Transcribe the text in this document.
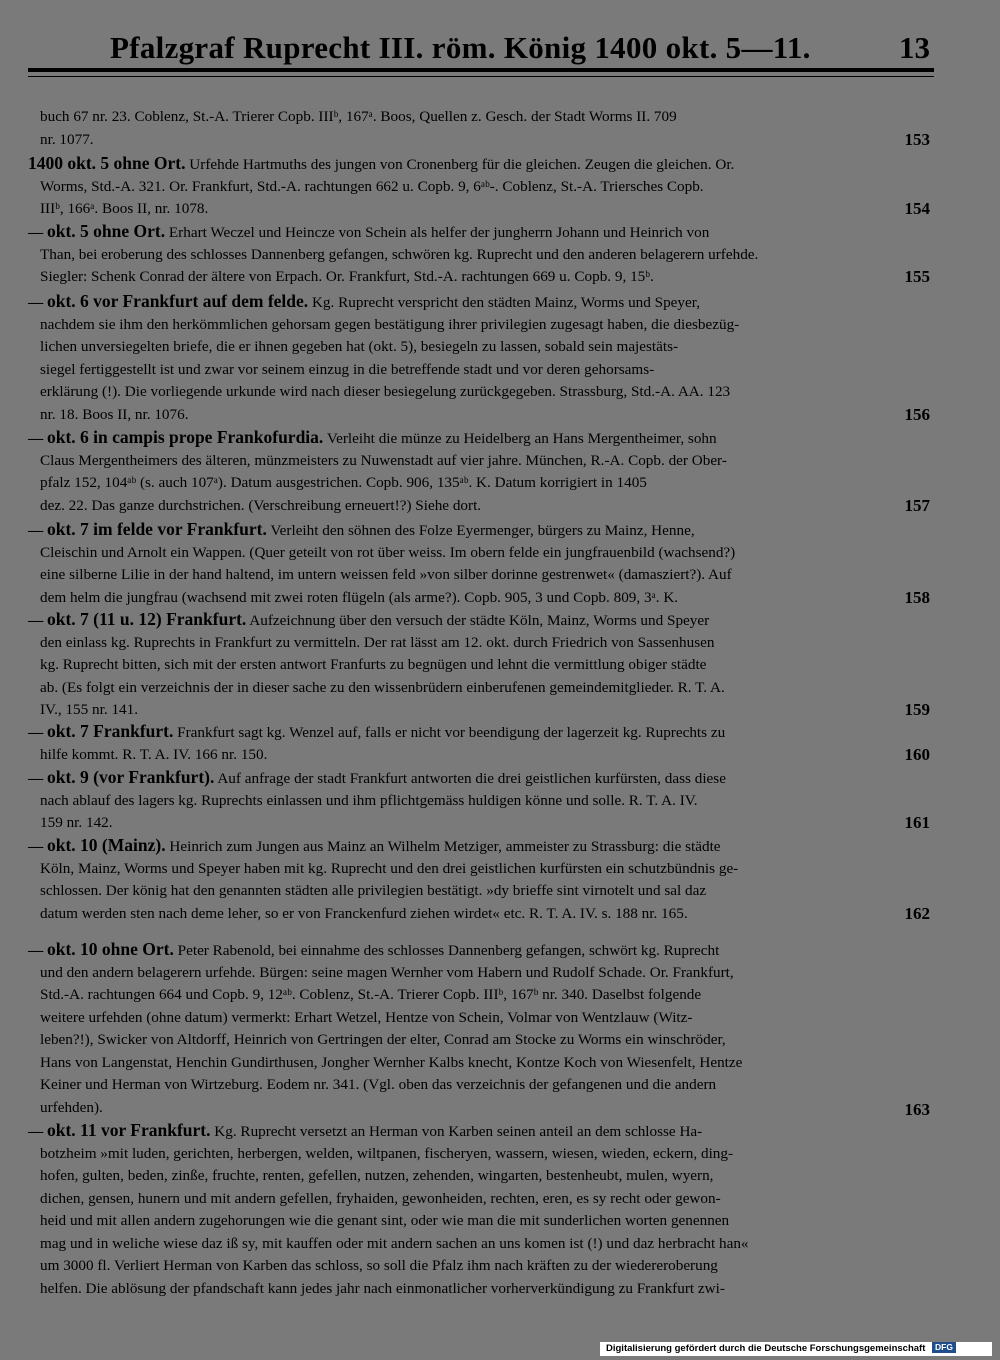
Pfalzgraf Ruprecht III. röm. König 1400 okt. 5—11.	13
buch 67 nr. 23. Coblenz, St.-A. Trierer Copb. IIIᵇ, 167ᵃ. Boos, Quellen z. Gesch. der Stadt Worms II. 709
nr. 1077.	153
1400 okt. 5 ohne Ort. Urfehde Hartmuths des jungen von Cronenberg für die gleichen. Zeugen die gleichen. Or.
Worms, Std.-A. 321. Or. Frankfurt, Std.-A. rachtungen 662 u. Copb. 9, 6ᵃᵇ-. Coblenz, St.-A. Triersches Copb.
IIIᵇ, 166ᵃ. Boos II, nr. 1078.	154
— okt. 5 ohne Ort. Erhart Weczel und Heincze von Schein als helfer der jungherrn Johann und Heinrich von
Than, bei eroberung des schlosses Dannenberg gefangen, schwören kg. Ruprecht und den anderen belagerern urfehde.
Siegler: Schenk Conrad der ältere von Erpach. Or. Frankfurt, Std.-A. rachtungen 669 u. Copb. 9, 15ᵇ.	155
— okt. 6 vor Frankfurt auf dem felde. Kg. Ruprecht verspricht den städten Mainz, Worms und Speyer,
nachdem sie ihm den herkömmlichen gehorsam gegen bestätigung ihrer privilegien zugesagt haben, die diesbezüg-
lichen unversiegelten briefe, die er ihnen gegeben hat (okt. 5), besiegeln zu lassen, sobald sein majestäts-
siegel fertiggestellt ist und zwar vor seinem einzug in die betreffende stadt und vor deren gehorsams-
erklärung (!). Die vorliegende urkunde wird nach dieser besiegelung zurückgegeben. Strassburg, Std.-A. AA. 123
nr. 18. Boos II, nr. 1076.	156
— okt. 6 in campis prope Frankofurdia. Verleiht die münze zu Heidelberg an Hans Mergentheimer, sohn
Claus Mergentheimers des älteren, münzmeisters zu Nuwenstadt auf vier jahre. München, R.-A. Copb. der Ober-
pfalz 152, 104ᵃᵇ (s. auch 107ᵃ). Datum ausgestrichen. Copb. 906, 135ᵃᵇ. K. Datum korrigiert in 1405
dez. 22. Das ganze durchstrichen. (Verschreibung erneuert!?) Siehe dort.	157
— okt. 7 im felde vor Frankfurt. Verleiht den söhnen des Folze Eyermenger, bürgers zu Mainz, Henne,
Cleischin und Arnolt ein Wappen. (Quer geteilt von rot über weiss. Im obern felde ein jungfrauenbild (wachsend?)
eine silberne Lilie in der hand haltend, im untern weissen feld »von silber dorinne gestrenwet« (damasziert?). Auf
dem helm die jungfrau (wachsend mit zwei roten flügeln (als arme?). Copb. 905, 3 und Copb. 809, 3ᵃ. K.	158
— okt. 7 (11 u. 12) Frankfurt. Aufzeichnung über den versuch der städte Köln, Mainz, Worms und Speyer
den einlass kg. Ruprechts in Frankfurt zu vermitteln. Der rat lässt am 12. okt. durch Friedrich von Sassenhusen
kg. Ruprecht bitten, sich mit der ersten antwort Franfurts zu begnügen und lehnt die vermittlung obiger städte
ab. (Es folgt ein verzeichnis der in dieser sache zu den wissenbrüdern einberufenen gemeindemitglieder. R. T. A.
IV., 155 nr. 141.	159
— okt. 7 Frankfurt. Frankfurt sagt kg. Wenzel auf, falls er nicht vor beendigung der lagerzeit kg. Ruprechts zu
hilfe kommt. R. T. A. IV. 166 nr. 150.	160
— okt. 9 (vor Frankfurt). Auf anfrage der stadt Frankfurt antworten die drei geistlichen kurfürsten, dass diese
nach ablauf des lagers kg. Ruprechts einlassen und ihm pflichtgemäss huldigen könne und solle. R. T. A. IV.
159 nr. 142.	161
— okt. 10 (Mainz). Heinrich zum Jungen aus Mainz an Wilhelm Metziger, ammeister zu Strassburg: die städte
Köln, Mainz, Worms und Speyer haben mit kg. Ruprecht und den drei geistlichen kurfürsten ein schutzbündnis ge-
schlossen. Der könig hat den genannten städten alle privilegien bestätigt. »dy brieffe sint virnotelt und sal daz
datum werden sten nach deme leher, so er von Franckenfurd ziehen wirdet« etc. R. T. A. IV. s. 188 nr. 165.	162
— okt. 10 ohne Ort. Peter Rabenold, bei einnahme des schlosses Dannenberg gefangen, schwört kg. Ruprecht
und den andern belagerern urfehde. Bürgen: seine magen Wernher vom Habern und Rudolf Schade. Or. Frankfurt,
Std.-A. rachtungen 664 und Copb. 9, 12ᵃᵇ. Coblenz, St.-A. Trierer Copb. IIIᵇ, 167ᵇ nr. 340. Daselbst folgende
weitere urfehden (ohne datum) vermerkt: Erhart Wetzel, Hentze von Schein, Volmar von Wentzlauw (Witz-
leben?!), Swicker von Altdorff, Heinrich von Gertringen der elter, Conrad am Stocke zu Worms ein winschröder,
Hans von Langenstat, Henchin Gundirthusen, Jongher Wernher Kalbs knecht, Kontze Koch von Wiesenfelt, Hentze
Keiner und Herman von Wirtzeburg. Eodem nr. 341. (Vgl. oben das verzeichnis der gefangenen und die andern
urfehden).	163
— okt. 11 vor Frankfurt. Kg. Ruprecht versetzt an Herman von Karben seinen anteil an dem schlosse Ha-
botzheim »mit luden, gerichten, herbergen, welden, wiltpanen, fischeryen, wassern, wiesen, wieden, eckern, ding-
hofen, gulten, beden, zinße, fruchte, renten, gefellen, nutzen, zehenden, wingarten, bestenheubt, mulen, wyern,
dichen, gensen, hunern und mit andern gefellen, fryhaiden, gewonheiden, rechten, eren, es sy recht oder gewon-
heid und mit allen andern zugehorungen wie die genant sint, oder wie man die mit sunderlichen worten genennen
mag und in weliche wiese daz iß sy, mit kauffen oder mit andern sachen an uns komen ist (!) und daz herbracht han«
um 3000 fl. Verliert Herman von Karben das schloss, so soll die Pfalz ihm nach kräften zu der wiedereroberung
helfen. Die ablösung der pfandschaft kann jedes jahr nach einmonatlicher vorherverkündigung zu Frankfurt zwi-
Digitalisierung gefördert durch die Deutsche Forschungsgemeinschaft DFG
